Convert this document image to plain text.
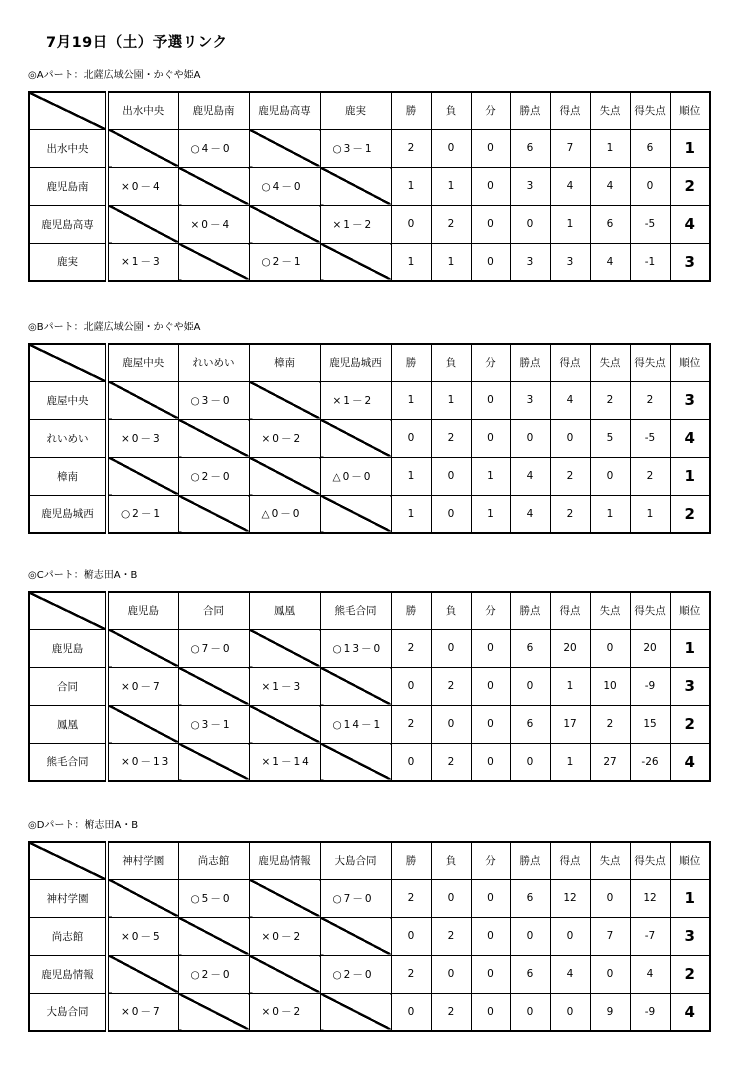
7月19日（土）予選リンク
◎Aパート：北薩広域公園・かぐや姫A
	出水中央	鹿児島南	鹿児島高専	鹿実	勝	負	分	勝点	得点	失点	得失点	順位
出水中央		○4－0		○3－1	2	0	0	6	7	1	6	1
鹿児島南	×0－4		○4－0		1	1	0	3	4	4	0	2
鹿児島高専		×0－4		×1－2	0	2	0	0	1	6	-5	4
鹿実	×1－3		○2－1		1	1	0	3	3	4	-1	3
◎Bパート：北薩広域公園・かぐや姫A
	鹿屋中央	れいめい	樟南	鹿児島城西	勝	負	分	勝点	得点	失点	得失点	順位
鹿屋中央		○3－0		×1－2	1	1	0	3	4	2	2	3
れいめい	×0－3		×0－2		0	2	0	0	0	5	-5	4
樟南		○2－0		△0－0	1	0	1	4	2	0	2	1
鹿児島城西	○2－1		△0－0		1	0	1	4	2	1	1	2
◎Cパート：椨志田A・B
	鹿児島	合同	鳳凰	熊毛合同	勝	負	分	勝点	得点	失点	得失点	順位
鹿児島		○7－0		○13－0	2	0	0	6	20	0	20	1
合同	×0－7		×1－3		0	2	0	0	1	10	-9	3
鳳凰		○3－1		○14－1	2	0	0	6	17	2	15	2
熊毛合同	×0－13		×1－14		0	2	0	0	1	27	-26	4
◎Dパート：椨志田A・B
	神村学園	尚志館	鹿児島情報	大島合同	勝	負	分	勝点	得点	失点	得失点	順位
神村学園		○5－0		○7－0	2	0	0	6	12	0	12	1
尚志館	×0－5		×0－2		0	2	0	0	0	7	-7	3
鹿児島情報		○2－0		○2－0	2	0	0	6	4	0	4	2
大島合同	×0－7		×0－2		0	2	0	0	0	9	-9	4
